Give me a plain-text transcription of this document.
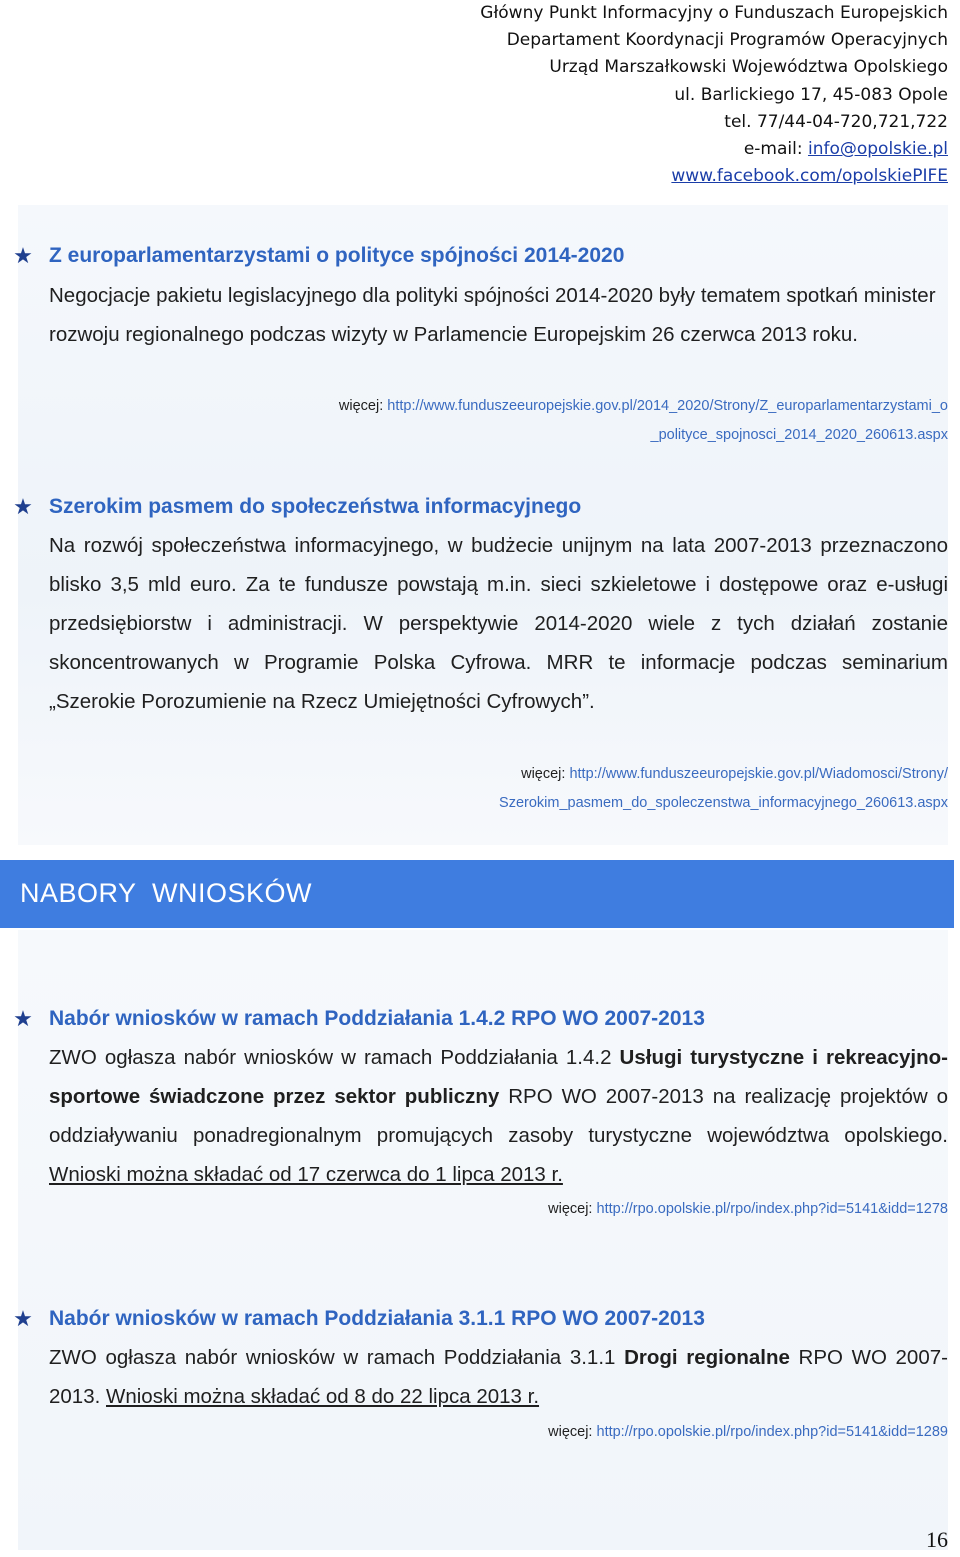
Główny Punkt Informacyjny o Funduszach Europejskich
Departament Koordynacji Programów Operacyjnych
Urząd Marszałkowski Województwa Opolskiego
ul. Barlickiego 17, 45-083 Opole
tel. 77/44-04-720,721,722
e-mail: info@opolskie.pl
www.facebook.com/opolskiePIFE
★ Z europarlamentarzystami o polityce spójności 2014-2020
Negocjacje pakietu legislacyjnego dla polityki spójności 2014-2020 były tematem spotkań minister rozwoju regionalnego podczas wizyty w Parlamencie Europejskim 26 czerwca 2013 roku.
więcej: http://www.funduszeeuropejskie.gov.pl/2014_2020/Strony/Z_europarlamentarzystami_o
_polityce_spojnosci_2014_2020_260613.aspx
★ Szerokim pasmem do społeczeństwa informacyjnego
Na rozwój społeczeństwa informacyjnego, w budżecie unijnym na lata 2007-2013 przeznaczono blisko 3,5 mld euro. Za te fundusze powstają m.in. sieci szkieletowe i dostępowe oraz e-usługi przedsiębiorstw i administracji. W perspektywie 2014-2020 wiele z tych działań zostanie skoncentrowanych w Programie Polska Cyfrowa. MRR te informacje podczas seminarium „Szerokie Porozumienie na Rzecz Umiejętności Cyfrowych”.
więcej: http://www.funduszeeuropejskie.gov.pl/Wiadomosci/Strony/
Szerokim_pasmem_do_spoleczenstwa_informacyjnego_260613.aspx
NABORY  WNIOSKÓW
★ Nabór wniosków w ramach Poddziałania 1.4.2 RPO WO 2007-2013
ZWO ogłasza nabór wniosków w ramach Poddziałania 1.4.2 Usługi turystyczne i rekreacyjno-sportowe świadczone przez sektor publiczny RPO WO 2007-2013 na realizację projektów o oddziaływaniu ponadregionalnym promujących zasoby turystyczne województwa opolskiego. Wnioski można składać od 17 czerwca do 1 lipca 2013 r.
więcej: http://rpo.opolskie.pl/rpo/index.php?id=5141&idd=1278
★ Nabór wniosków w ramach Poddziałania 3.1.1 RPO WO 2007-2013
ZWO ogłasza nabór wniosków w ramach Poddziałania 3.1.1 Drogi regionalne RPO WO 2007-2013. Wnioski można składać od 8 do 22 lipca 2013 r.
więcej: http://rpo.opolskie.pl/rpo/index.php?id=5141&idd=1289
16
